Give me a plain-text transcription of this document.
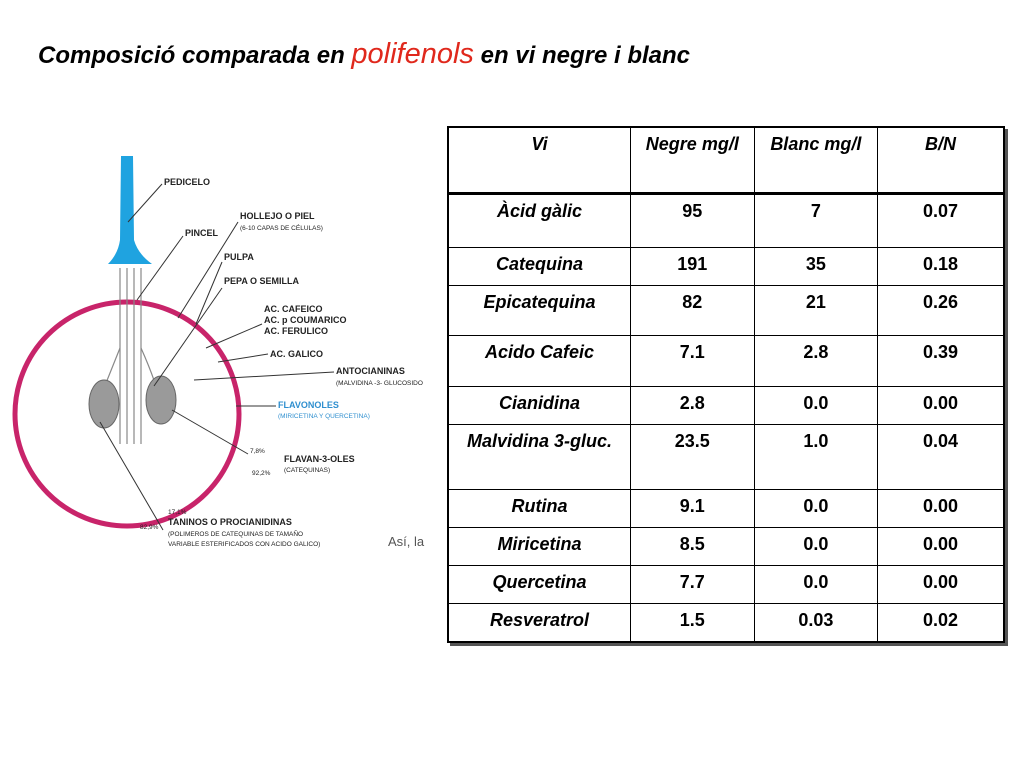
Composició comparada en polifenols en vi negre i blanc
PEDICELO
HOLLEJO O PIEL
(6-10 CAPAS DE CÉLULAS)
PINCEL
PULPA
PEPA O SEMILLA
AC. CAFEICO
AC. p COUMARICO
AC. FERULICO
AC. GALICO
ANTOCIANINAS
(MALVIDINA -3- GLUCOSIDO
FLAVONOLES
(MIRICETINA Y QUERCETINA)
7,8%
FLAVAN-3-OLES
92,2% (CATEQUINAS)
17,1%
TANINOS O PROCIANIDINAS
(POLIMEROS DE CATEQUINAS DE TAMAÑO
VARIABLE ESTERIFICADOS CON ACIDO GALICO)
82,9%
Así, la
Vi	Negre mg/l	Blanc mg/l	B/N
Àcid gàlic	95	7	0.07
Catequina	191	35	0.18
Epicatequina	82	21	0.26
Acido Cafeic	7.1	2.8	0.39
Cianidina	2.8	0.0	0.00
Malvidina 3-gluc.	23.5	1.0	0.04
Rutina	9.1	0.0	0.00
Miricetina	8.5	0.0	0.00
Quercetina	7.7	0.0	0.00
Resveratrol	1.5	0.03	0.02
